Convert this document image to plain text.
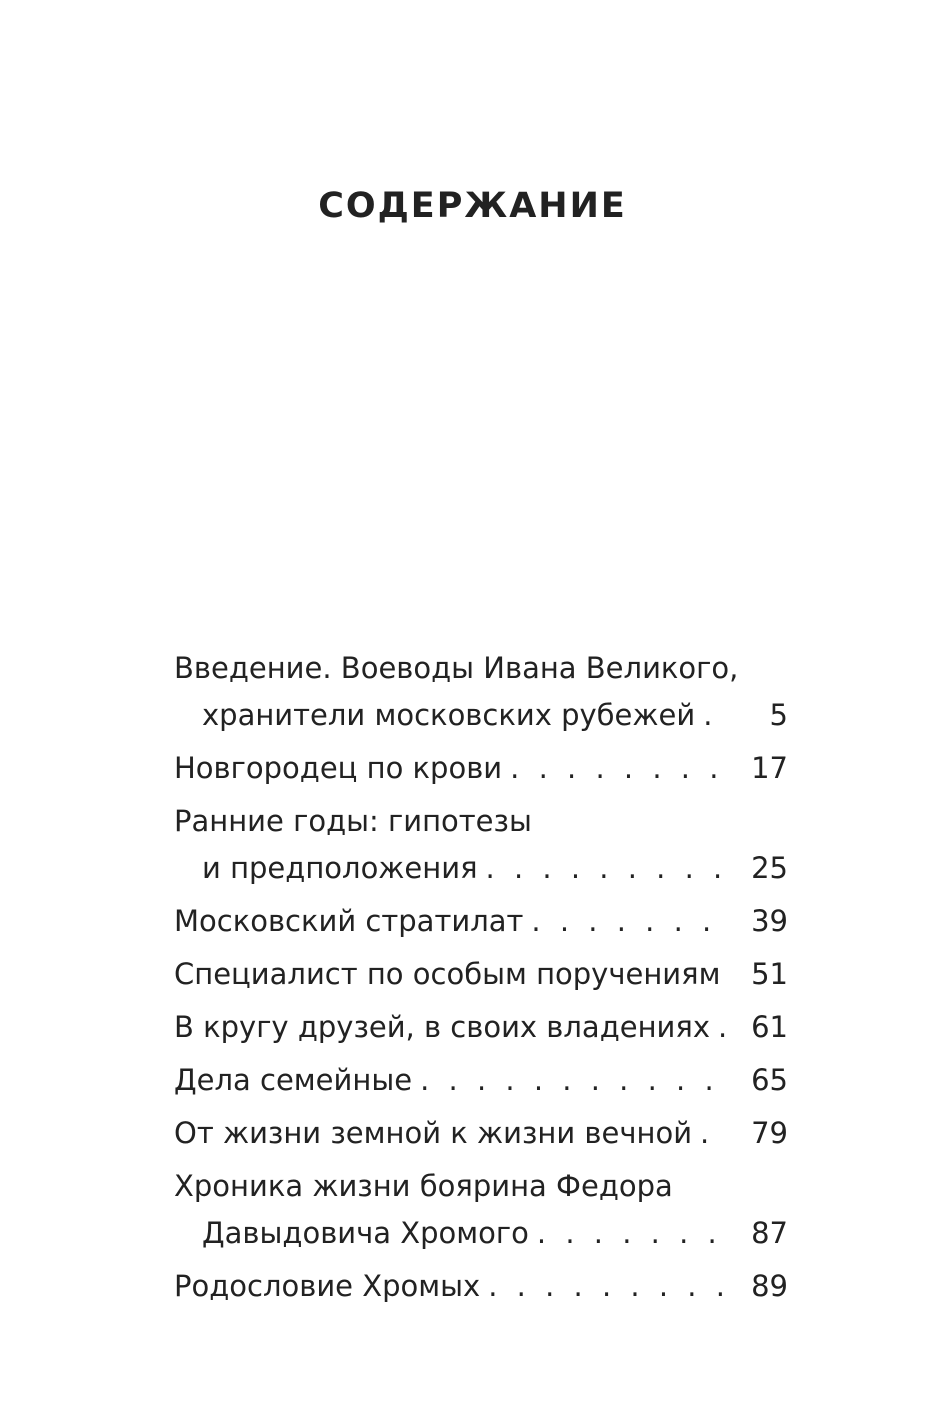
СОДЕРЖАНИЕ
Введение. Воеводы Ивана Великого,
хранители московских рубежей . . .	5
Новгородец по крови . . .	17
Ранние годы: гипотезы
и предположения . . .	25
Московский стратилат . . .	39
Специалист по особым поручениям	51
В кругу друзей, в своих владениях . . .	61
Дела семейные . . .	65
От жизни земной к жизни вечной . . .	79
Хроника жизни боярина Федора
Давыдовича Хромого . . .	87
Родословие Хромых . . .	89
